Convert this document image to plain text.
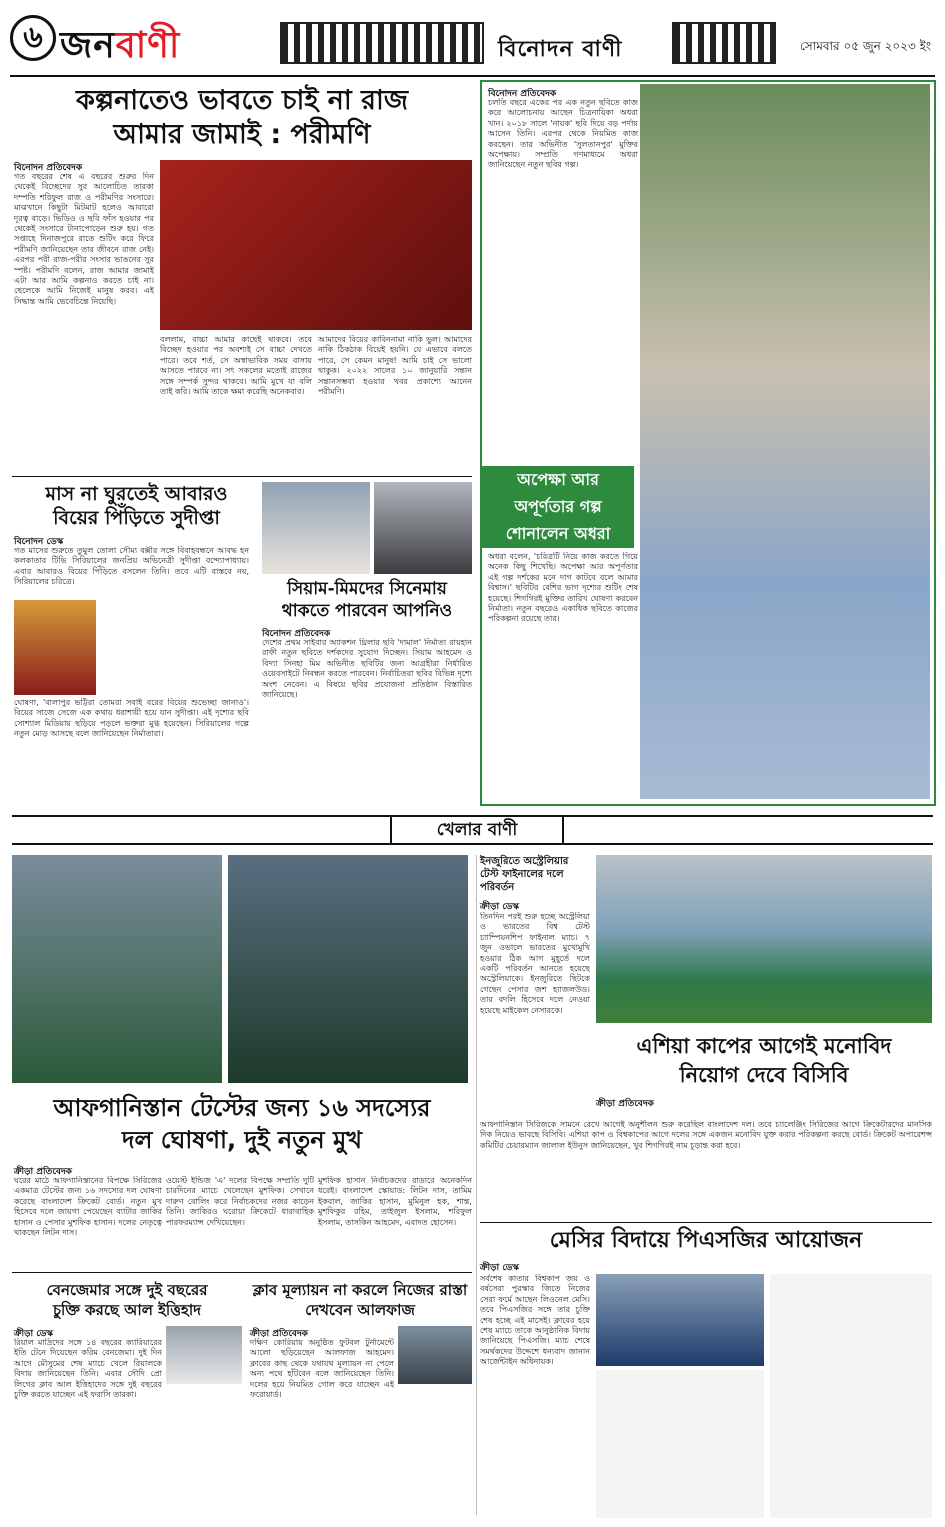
৬ জনবাণী	বিনোদন বাণী	সোমবার ০৫ জুন ২০২৩ ইং
কল্পনাতেও ভাবতে চাই না রাজ
আমার জামাই : পরীমণি
বিনোদন প্রতিবেদক
গত বছরের শেষ এ বছরের শুরুর দিন থেকেই বিচ্ছেদের সুর আলোচিত তারকা দম্পতি শরিফুল রাজ ও পরীমণির সংসারে। মাঝখানে কিছুটা মিটমাট হলেও আবারো দূরত্ব বাড়ে। ভিডিও ও ছবি ফাঁস হওয়ার পর থেকেই সংসারে টানাপোড়েন শুরু হয়। গত সপ্তাহে দিনাজপুরে রাতে শুটিং করে ফিরে পরীমণি জানিয়েছেন তার জীবনে রাজ নেই। এরপর পরী রাজ-পরীর সংসার ভাঙনের সুর স্পষ্ট। পরীমণি বলেন, রাজ আমার জামাই এটা আর আমি কল্পনাও করতে চাই না। ছেলেকে আমি নিজেই মানুষ করব। এই সিদ্ধান্ত আমি ভেবেচিন্তে নিয়েছি।
বললাম, বাচ্চা আমার কাছেই থাকবে। তবে বিচ্ছেদ হওয়ার পর অবশ্যই সে বাচ্চা দেখতে পারে। তবে শর্ত, সে অস্বাভাবিক সময় বাসায় আসতে পারবে না। সৎ সকলের মতোই রাজের সঙ্গে সম্পর্ক সুন্দর থাকবে। আমি মুখে যা বলি তাই করি। আমি তাকে ক্ষমা করেছি অনেকবার।
আমাদের বিয়ের কাবিননামা নাকি ভুল। আমাদের নাকি ঠিকঠাক বিয়েই হয়নি। যে এভাবে বলতে পারে, সে কেমন মানুষ! আমি চাই সে ভালো থাকুক। ২০২২ সালের ১০ জানুয়ারি সন্তান সন্তানসম্ভবা হওয়ার খবর প্রকাশ্যে আনেন পরীমণি।
মাস না ঘুরতেই আবারও
বিয়ের পিঁড়িতে সুদীপ্তা
বিনোদন ডেস্ক
গত মাসের শুরুতে তুমুল তোলা সৌম্য বক্সীর সঙ্গে বিবাহবন্ধনে আবদ্ধ হন কলকাতার টিভি সিরিয়ালের জনপ্রিয় অভিনেত্রী সুদীপ্তা বন্দ্যোপাধ্যায়। এবার আবারও বিয়ের পিঁড়িতে বসলেন তিনি। তবে এটি বাস্তবে নয়, সিরিয়ালের চরিত্রে।
ঘোষণা, 'বালাপুর ভট্টিরা তোমরা সবাই বরের বিয়ের শুভেচ্ছা জানাও'। বিয়ের সাজে সেজে এক কথায় ধরাশায়ী হয়ে যান সুদীপ্তা। এই দৃশ্যের ছবি সোশ্যাল মিডিয়ায় ছড়িয়ে পড়লে ভক্তরা মুগ্ধ হয়েছেন। সিরিয়ালের গল্পে নতুন মোড় আসছে বলে জানিয়েছেন নির্মাতারা।
সিয়াম-মিমদের সিনেমায়
থাকতে পারবেন আপনিও
বিনোদন প্রতিবেদক
দেশের প্রথম সাইবার অ্যাকশন থ্রিলার ছবি 'দামাল' নির্মাতা রায়হান রাফী নতুন ছবিতে দর্শকদের সুযোগ দিচ্ছেন। সিয়াম আহমেদ ও বিদ্যা সিনহা মিম অভিনীত ছবিটির জন্য আগ্রহীরা নির্ধারিত ওয়েবসাইটে নিবন্ধন করতে পারবেন। নির্বাচিতরা ছবির বিভিন্ন দৃশ্যে অংশ নেবেন। এ বিষয়ে ছবির প্রযোজনা প্রতিষ্ঠান বিস্তারিত জানিয়েছে।
বিনোদন প্রতিবেদক
চলতি বছরে একের পর এক নতুন ছবিতে কাজ করে আলোচনায় আছেন চিত্রনায়িকা অধরা খান। ২০১৮ সালে 'নায়ক' ছবি দিয়ে বড় পর্দায় আসেন তিনি। এরপর থেকে নিয়মিত কাজ করছেন। তার অভিনীত 'সুলতানপুর' মুক্তির অপেক্ষায়। সম্প্রতি গণমাধ্যমে অধরা জানিয়েছেন নতুন ছবির গল্প।
অপেক্ষা আর
অপূর্ণতার গল্প
শোনালেন অধরা
অধরা বলেন, 'চরিত্রটি নিয়ে কাজ করতে গিয়ে অনেক কিছু শিখেছি। অপেক্ষা আর অপূর্ণতার এই গল্প দর্শকের মনে দাগ কাটবে বলে আমার বিশ্বাস।' ছবিটির বেশির ভাগ দৃশ্যের শুটিং শেষ হয়েছে। শিগগিরই মুক্তির তারিখ ঘোষণা করবেন নির্মাতা। নতুন বছরেও একাধিক ছবিতে কাজের পরিকল্পনা রয়েছে তার।
খেলার বাণী
আফগানিস্তান টেস্টের জন্য ১৬ সদস্যের
দল ঘোষণা, দুই নতুন মুখ
ক্রীড়া প্রতিবেদক
ঘরের মাঠে আফগানিস্তানের বিপক্ষে সিরিজের একমাত্র টেস্টের জন্য ১৬ সদস্যের দল ঘোষণা করেছে বাংলাদেশ ক্রিকেট বোর্ড। নতুন মুখ হিসেবে দলে জায়গা পেয়েছেন ব্যাটার জাকির হাসান ও পেসার মুশফিক হাসান। দলের নেতৃত্বে থাকছেন লিটন দাস।
ওয়েস্ট ইন্ডিজ 'এ' দলের বিপক্ষে সম্প্রতি দুটি চারদিনের ম্যাচে খেলেছেন মুশফিক। সেখানে দারুণ বোলিং করে নির্বাচকদের নজর কাড়েন তিনি। জাকিরও ঘরোয়া ক্রিকেটে ধারাবাহিক পারফরম্যান্স দেখিয়েছেন।
মুশফিক হাসান নির্বাচকদের রাডারে অনেকদিন ধরেই। বাংলাদেশ স্কোয়াড: লিটন দাস, তামিম ইকবাল, জাকির হাসান, মুমিনুল হক, শান্ত, মুশফিকুর রহিম, তাইজুল ইসলাম, শরিফুল ইসলাম, তাসকিন আহমেদ, এবাদত হোসেন।
বেনজেমার সঙ্গে দুই বছরের
চুক্তি করছে আল ইত্তিহাদ
ক্রীড়া ডেস্ক
রিয়াল মাদ্রিদের সঙ্গে ১৪ বছরের ক্যারিয়ারের ইতি টেনে দিয়েছেন করিম বেনজেমা। দুই দিন আগে মৌসুমের শেষ ম্যাচে খেলে রিয়ালকে বিদায় জানিয়েছেন তিনি। এবার সৌদি প্রো লিগের ক্লাব আল ইত্তিহাদের সঙ্গে দুই বছরের চুক্তি করতে যাচ্ছেন এই ফরাসি তারকা।
ক্লাব মূল্যায়ন না করলে নিজের রাস্তা দেখবেন আলফাজ
ক্রীড়া প্রতিবেদক
দক্ষিণ কোরিয়ায় অনুষ্ঠিত ফুটবল টুর্নামেন্টে আলো ছড়িয়েছেন আলফাজ আহমেদ। ক্লাবের কাছ থেকে যথাযথ মূল্যায়ন না পেলে অন্য পথে হাঁটবেন বলে জানিয়েছেন তিনি। দলের হয়ে নিয়মিত গোল করে যাচ্ছেন এই ফরোয়ার্ড।
ইনজুরিতে অস্ট্রেলিয়ার
টেস্ট ফাইনালের দলে
পরিবর্তন
ক্রীড়া ডেস্ক
তিনদিন পরই শুরু হচ্ছে অস্ট্রেলিয়া ও ভারতের বিশ্ব টেস্ট চ্যাম্পিয়নশিপ ফাইনাল ম্যাচ। ৭ জুন ওভালে ভারতের মুখোমুখি হওয়ার ঠিক আগ মুহূর্তে দলে একটি পরিবর্তন আনতে হয়েছে অস্ট্রেলিয়াকে। ইনজুরিতে ছিটকে গেছেন পেসার জশ হ্যাজলউড। তার বদলি হিসেবে দলে নেওয়া হয়েছে মাইকেল নেসারকে।
এশিয়া কাপের আগেই মনোবিদ
নিয়োগ দেবে বিসিবি
ক্রীড়া প্রতিবেদক
আফগানিস্তান সিরিজকে সামনে রেখে আগেই অনুশীলন শুরু করেছিল বাংলাদেশ দল। তবে চ্যালেঞ্জিং সিরিজের আগে ক্রিকেটারদের মানসিক দিক নিয়েও ভাবছে বিসিবি। এশিয়া কাপ ও বিশ্বকাপের আগে দলের সঙ্গে একজন মনোবিদ যুক্ত করার পরিকল্পনা করছে বোর্ড। ক্রিকেট অপারেশন্স কমিটির চেয়ারম্যান জালাল ইউনুস জানিয়েছেন, খুব শিগগিরই নাম চূড়ান্ত করা হবে।
মেসির বিদায়ে পিএসজির আয়োজন
ক্রীড়া ডেস্ক
সর্বশেষ কাতার বিশ্বকাপ জয় ও বর্ষসেরা পুরস্কার জিতে নিজের সেরা ফর্মে আছেন লিওনেল মেসি। তবে পিএসজির সঙ্গে তার চুক্তি শেষ হচ্ছে এই মাসেই। ক্লাবের হয়ে শেষ ম্যাচে তাকে আনুষ্ঠানিক বিদায় জানিয়েছে পিএসজি। ম্যাচ শেষে সমর্থকদের উদ্দেশে ধন্যবাদ জানান আর্জেন্টাইন অধিনায়ক।
